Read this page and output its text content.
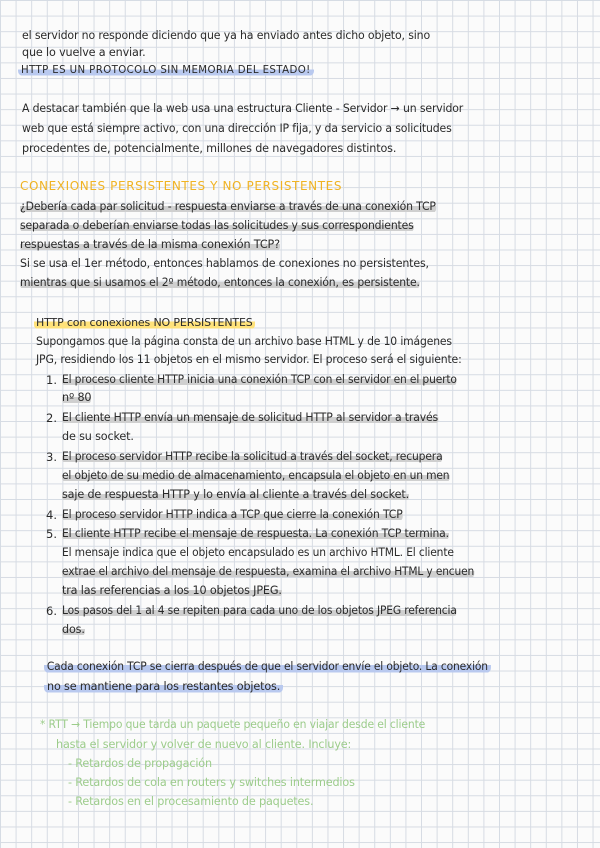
el servidor no responde diciendo que ya ha enviado antes dicho objeto, sino
que lo vuelve a enviar.
HTTP ES UN PROTOCOLO SIN MEMORIA DEL ESTADO!
A destacar también que la web usa una estructura Cliente - Servidor → un servidor
web que está siempre activo, con una dirección IP fija, y da servicio a solicitudes
procedentes de, potencialmente, millones de navegadores distintos.
CONEXIONES PERSISTENTES Y NO PERSISTENTES
¿Debería cada par solicitud - respuesta enviarse a través de una conexión TCP
separada o deberían enviarse todas las solicitudes y sus correspondientes
respuestas a través de la misma conexión TCP?
Si se usa el 1er método, entonces hablamos de conexiones no persistentes,
mientras que si usamos el 2º método, entonces la conexión, es persistente.
HTTP con conexiones NO PERSISTENTES
Supongamos que la página consta de un archivo base HTML y de 10 imágenes
JPG, residiendo los 11 objetos en el mismo servidor. El proceso será el siguiente:
1. El proceso cliente HTTP inicia una conexión TCP con el servidor en el puerto
nº 80
2. El cliente HTTP envía un mensaje de solicitud HTTP al servidor a través
de su socket.
3. El proceso servidor HTTP recibe la solicitud a través del socket, recupera
el objeto de su medio de almacenamiento, encapsula el objeto en un men
saje de respuesta HTTP y lo envía al cliente a través del socket.
4. El proceso servidor HTTP indica a TCP que cierre la conexión TCP
5. El cliente HTTP recibe el mensaje de respuesta. La conexión TCP termina.
El mensaje indica que el objeto encapsulado es un archivo HTML. El cliente
extrae el archivo del mensaje de respuesta, examina el archivo HTML y encuen
tra las referencias a los 10 objetos JPEG.
6. Los pasos del 1 al 4 se repiten para cada uno de los objetos JPEG referencia
dos.
Cada conexión TCP se cierra después de que el servidor envíe el objeto. La conexión
no se mantiene para los restantes objetos.
* RTT → Tiempo que tarda un paquete pequeño en viajar desde el cliente
hasta el servidor y volver de nuevo al cliente. Incluye:
- Retardos de propagación
- Retardos de cola en routers y switches intermedios
- Retardos en el procesamiento de paquetes.
